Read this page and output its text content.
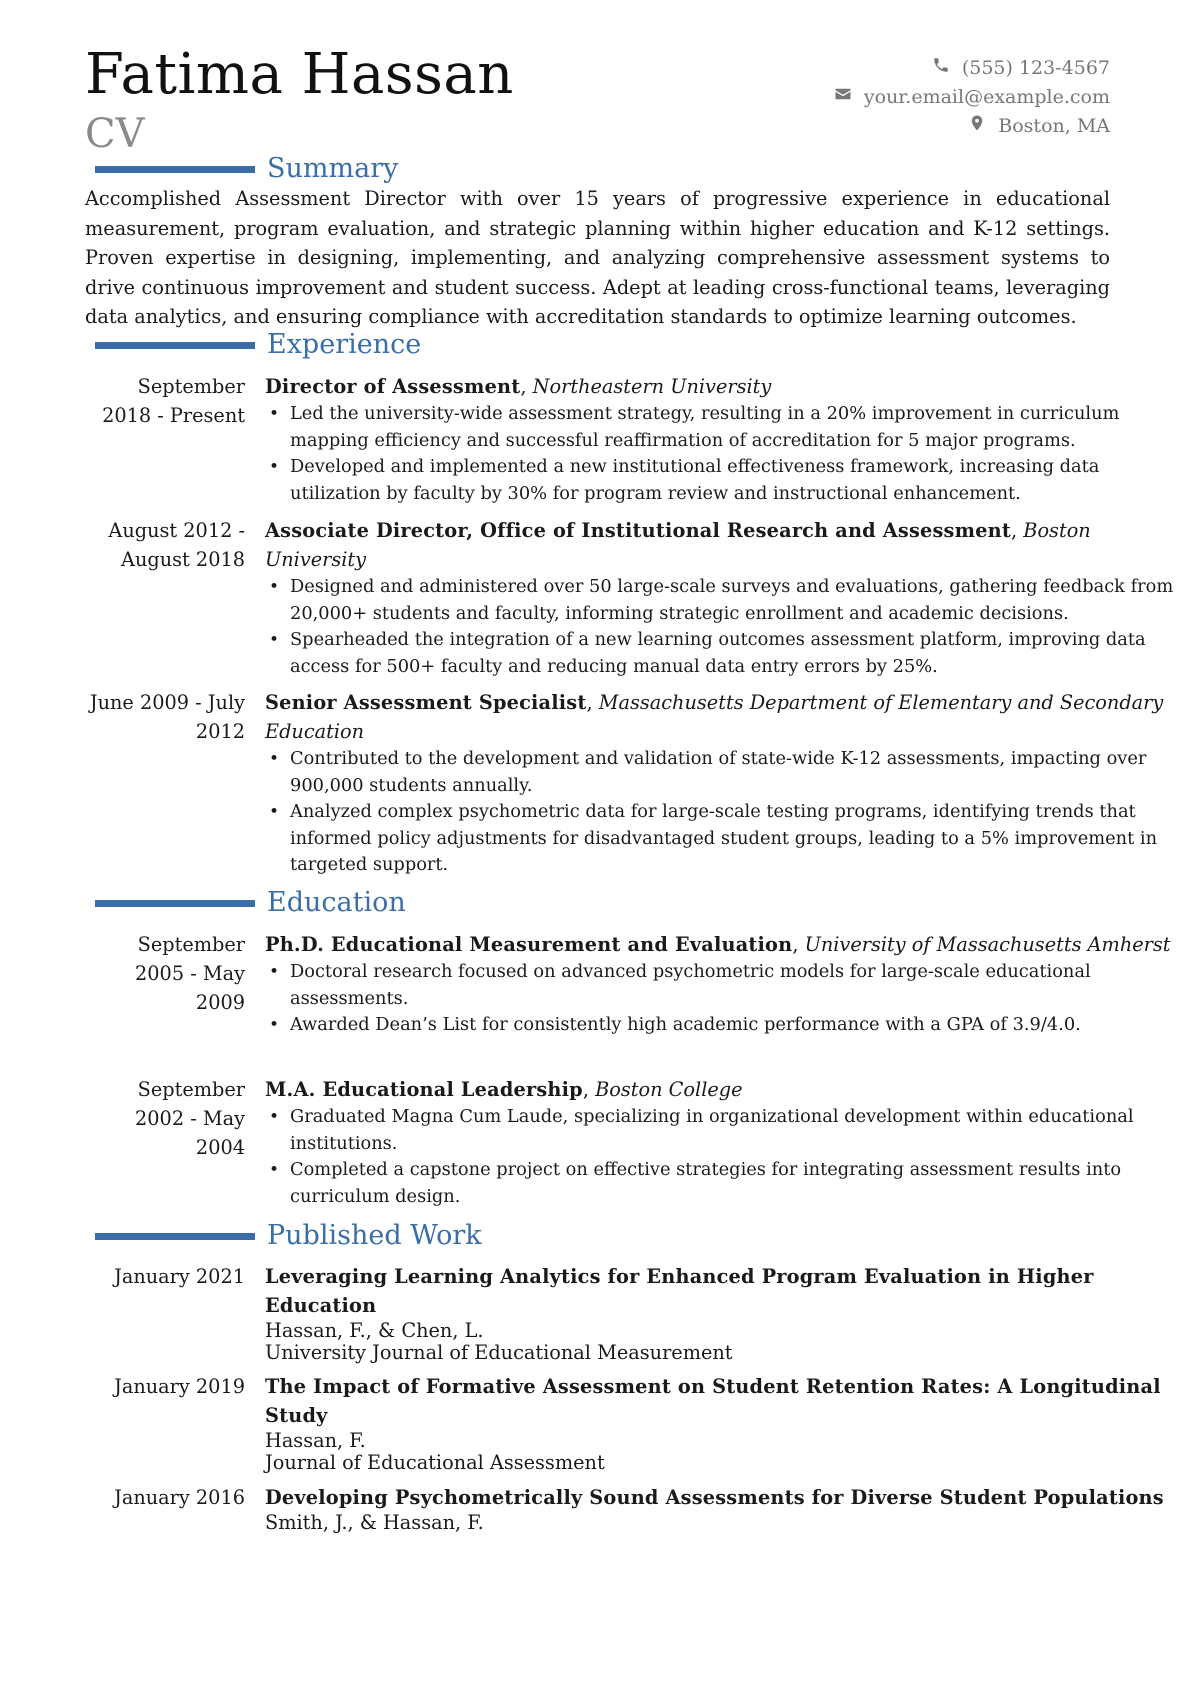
Fatima Hassan
CV
(555) 123-4567
your.email@example.com
Boston, MA
Summary
Accomplished Assessment Director with over 15 years of progressive experience in educational measurement, program evaluation, and strategic planning within higher education and K-12 settings. Proven expertise in designing, implementing, and analyzing comprehensive assessment systems to drive continuous improvement and student success. Adept at leading cross-functional teams, leveraging data analytics, and ensuring compliance with accreditation standards to optimize learning outcomes.
Experience
September 2018 - Present
Director of Assessment, Northeastern University
• Led the university-wide assessment strategy, resulting in a 20% improvement in curriculum mapping efficiency and successful reaffirmation of accreditation for 5 major programs.
• Developed and implemented a new institutional effectiveness framework, increasing data utilization by faculty by 30% for program review and instructional enhancement.
August 2012 - August 2018
Associate Director, Office of Institutional Research and Assessment, Boston University
• Designed and administered over 50 large-scale surveys and evaluations, gathering feedback from 20,000+ students and faculty, informing strategic enrollment and academic decisions.
• Spearheaded the integration of a new learning outcomes assessment platform, improving data access for 500+ faculty and reducing manual data entry errors by 25%.
June 2009 - July 2012
Senior Assessment Specialist, Massachusetts Department of Elementary and Secondary Education
• Contributed to the development and validation of state-wide K-12 assessments, impacting over 900,000 students annually.
• Analyzed complex psychometric data for large-scale testing programs, identifying trends that informed policy adjustments for disadvantaged student groups, leading to a 5% improvement in targeted support.
Education
September 2005 - May 2009
Ph.D. Educational Measurement and Evaluation, University of Massachusetts Amherst
• Doctoral research focused on advanced psychometric models for large-scale educational assessments.
• Awarded Dean’s List for consistently high academic performance with a GPA of 3.9/4.0.
September 2002 - May 2004
M.A. Educational Leadership, Boston College
• Graduated Magna Cum Laude, specializing in organizational development within educational institutions.
• Completed a capstone project on effective strategies for integrating assessment results into curriculum design.
Published Work
January 2021 Leveraging Learning Analytics for Enhanced Program Evaluation in Higher Education
Hassan, F., & Chen, L.
University Journal of Educational Measurement
January 2019 The Impact of Formative Assessment on Student Retention Rates: A Longitudinal Study
Hassan, F.
Journal of Educational Assessment
January 2016 Developing Psychometrically Sound Assessments for Diverse Student Populations
Smith, J., & Hassan, F.
